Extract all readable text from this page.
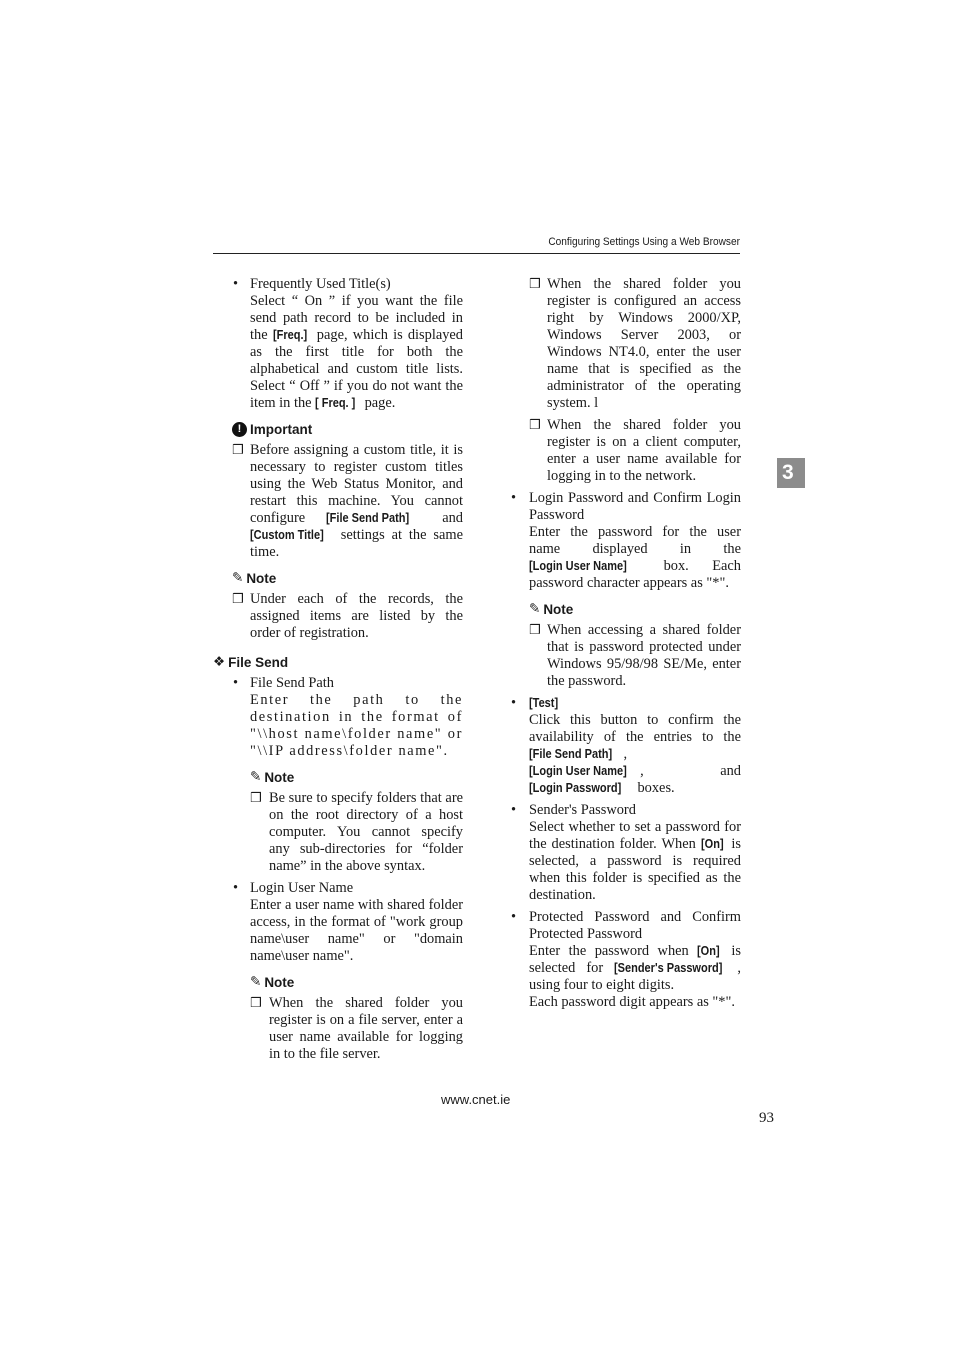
Configuring Settings Using a Web Browser
3
• Frequently Used Title(s)
Select “ On ” if you want the file send path record to be included in the [Freq.] page, which is displayed as the first title for both the alphabetical and custom title lists. Select “ Off ” if you do not want the item in the [ Freq. ] page.
! Important
❒ Before assigning a custom title, it is necessary to register custom titles using the Web Status Monitor, and restart this machine. You cannot configure [File Send Path] and [Custom Title] settings at the same time.
✎ Note
❒ Under each of the records, the assigned items are listed by the order of registration.
❖ File Send
• File Send Path
Enter the path to the destination in the format of "\\host name\folder name" or "\\IP address\folder name".
✎ Note
❒ Be sure to specify folders that are on the root directory of a host computer. You cannot specify any sub-directories for “folder name” in the above syntax.
• Login User Name
Enter a user name with shared folder access, in the format of "work group name\user name" or "domain name\user name".
✎ Note
❒ When the shared folder you register is on a file server, enter a user name available for logging in to the file server.
❒ When the shared folder you register is configured an access right by Windows 2000/XP, Windows Server 2003, or Windows NT4.0, enter the user name that is specified as the administrator of the operating system. l
❒ When the shared folder you register is on a client computer, enter a user name available for logging in to the network.
• Login Password and Confirm Login Password
Enter the password for the user name displayed in the [Login User Name] box. Each password character appears as "*".
✎ Note
❒ When accessing a shared folder that is password protected under Windows 95/98/98 SE/Me, enter the password.
• [Test]
Click this button to confirm the availability of the entries to the [File Send Path] , [Login User Name] , and [Login Password] boxes.
• Sender's Password
Select whether to set a password for the destination folder. When [On] is selected, a password is required when this folder is specified as the destination.
• Protected Password and Confirm Protected Password
Enter the password when [On] is selected for [Sender's Password] , using four to eight digits.
Each password digit appears as "*".
www.cnet.ie
93
